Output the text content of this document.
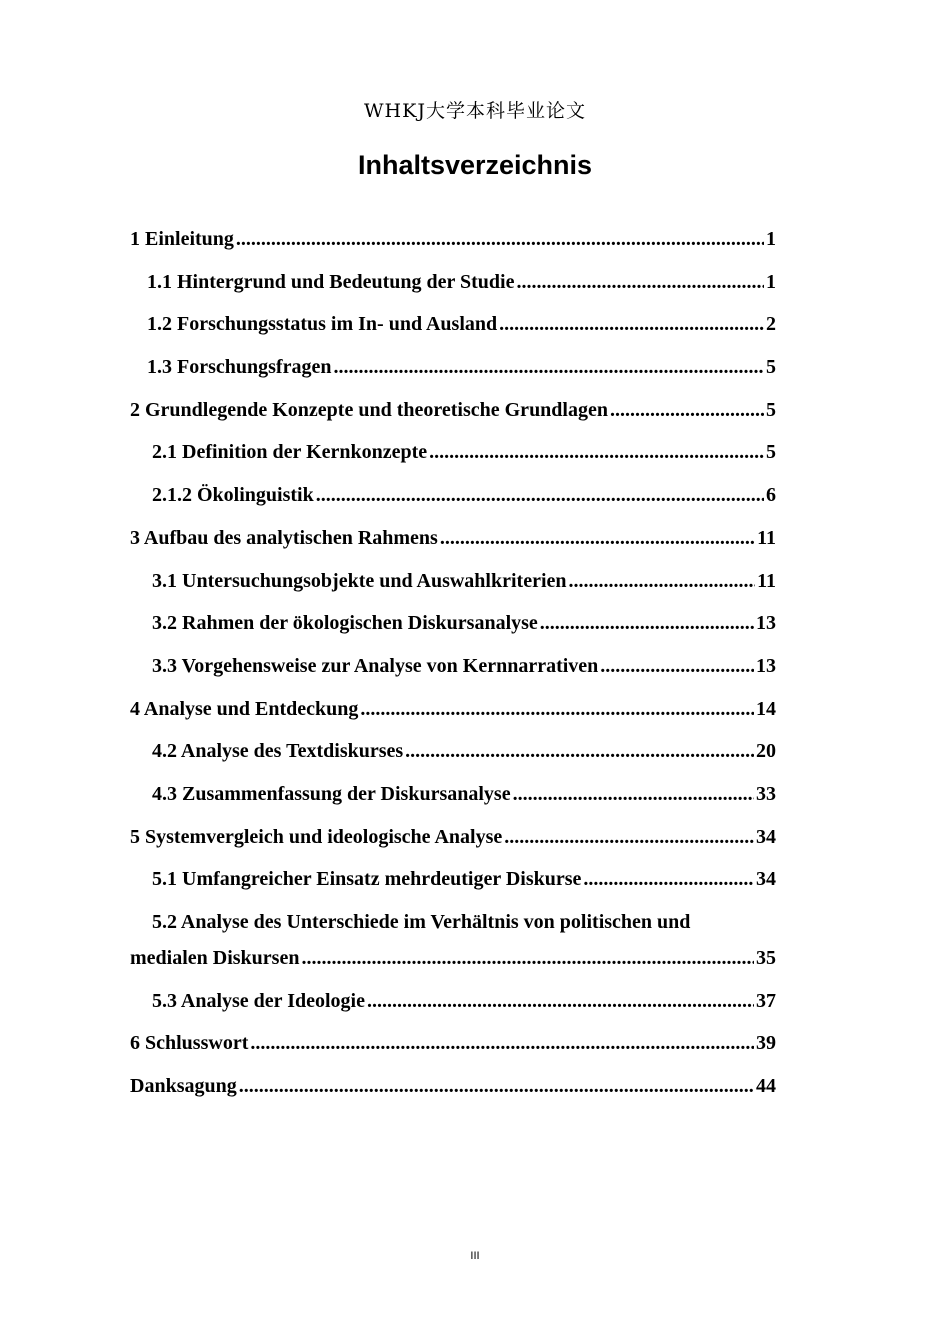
WHKJ大学本科毕业论文
Inhaltsverzeichnis
1 Einleitung .....	1
1.1 Hintergrund und Bedeutung der Studie .....	1
1.2 Forschungsstatus im In- und Ausland .....	2
1.3 Forschungsfragen .....	5
2 Grundlegende Konzepte und theoretische Grundlagen .....	5
2.1 Definition der Kernkonzepte .....	5
2.1.2 Ökolinguistik .....	6
3 Aufbau des analytischen Rahmens .....	11
3.1 Untersuchungsobjekte und Auswahlkriterien .....	11
3.2 Rahmen der ökologischen Diskursanalyse .....	13
3.3 Vorgehensweise zur Analyse von Kernnarrativen .....	13
4 Analyse und Entdeckung .....	14
4.2 Analyse des Textdiskurses .....	20
4.3 Zusammenfassung der Diskursanalyse .....	33
5 Systemvergleich und ideologische Analyse .....	34
5.1 Umfangreicher Einsatz mehrdeutiger Diskurse .....	34
5.2 Analyse des Unterschiede im Verhältnis von politischen und
medialen Diskursen .....	35
5.3 Analyse der Ideologie .....	37
6 Schlusswort .....	39
Danksagung .....	44
III
